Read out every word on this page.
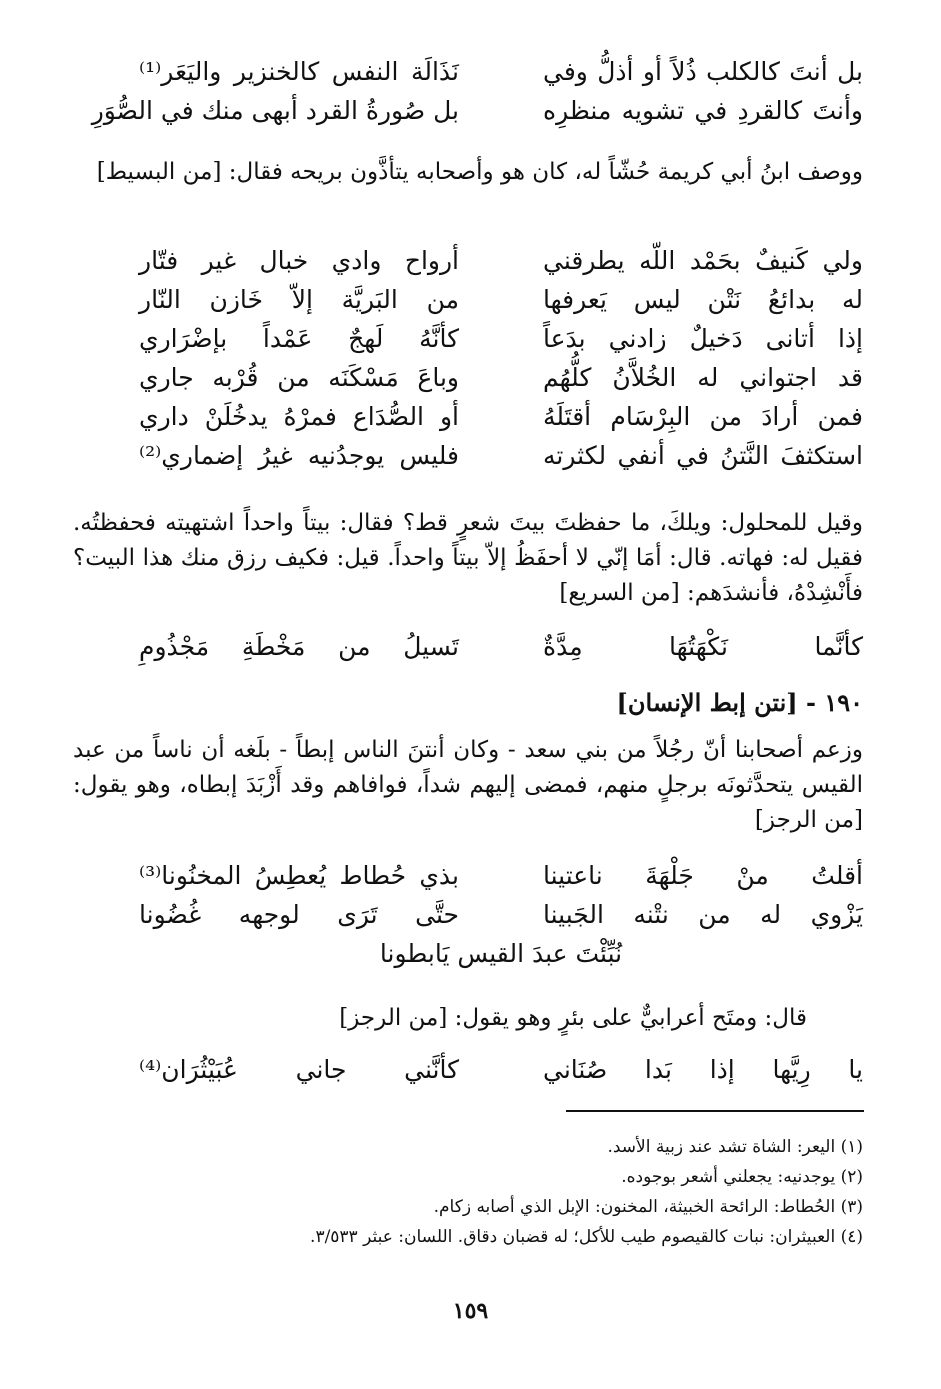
بل أنتَ كالكلب ذُلاً أو أذلُّ وفي
نَذَالَة النفس كالخنزير واليَعَر⁽¹⁾
وأنتَ كالقردِ في تشويه منظرِه
بل صُورةُ القرد أبهى منك في الصُّوَرِ
ووصف ابنُ أبي كريمة حُشّاً له، كان هو وأصحابه يتأذَّون بريحه فقال: [من البسيط]
ولي كَنيفٌ بحَمْد اللّه يطرقني
أرواح وادي خبال غير فتّار
له بدائعُ نَتْن ليس يَعرفها
من البَريَّة إلاّ خَازن النّار
إذا أتانى دَخيلٌ زادني بدَعاً
كأنَّهُ لَهجٌ عَمْداً بإضْرَاري
قد اجتواني له الخُلاَّنُ كلُّهُم
وباعَ مَسْكَنَه من قُرْبه جاري
فمن أرادَ من البِرْسَام أقتَلَهُ
أو الصُّدَاع فمرْهُ يدخُلَنْ داري
استكثفَ النَّتنُ في أنفي لكثرته
فليس يوجدُنيه غيرُ إضماري⁽²⁾
وقيل للمحلول: ويلكَ، ما حفظتَ بيتَ شعرٍ قط؟ فقال: بيتاً واحداً اشتهيته فحفظتُه. فقيل له: فهاته. قال: أمَا إنّي لا أحفَظُ إلاّ بيتاً واحداً. قيل: فكيف رزق منك هذا البيت؟ فأَنْشِدْهُ، فأنشدَهم: [من السريع]
كأنَّما نَكْهَتُهَا مِدَّةٌ
تَسيلُ من مَخْطَةِ مَجْذُومِ
١٩٠ - [نتن إبط الإنسان]
وزعم أصحابنا أنّ رجُلاً من بني سعد - وكان أنتنَ الناس إبطاً - بلَغه أن ناساً من عبد القيس يتحدَّثونَه برجلٍ منهم، فمضى إليهم شداً، فوافاهم وقد أَزْبَدَ إبطاه، وهو يقول: [من الرجز]
أقلتُ منْ جَلْهَةَ ناعتينا
بذي حُطاط يُعطِسُ المخنُونا⁽³⁾
يَزْوي له من نتْنه الجَبينا
حتَّى تَرَى لوجهه غُضُونا
نُبِّئْتَ عبدَ القيس يَابطونا
قال: ومتَح أعرابيٌّ على بئرٍ وهو يقول: [من الرجز]
يا رِيَّها إذا بَدا صُنَاني
كأنَّني جاني عُبَيْثُرَان⁽⁴⁾
(١) اليعر: الشاة تشد عند زبية الأسد.
(٢) يوجدنيه: يجعلني أشعر بوجوده.
(٣) الحُطاط: الرائحة الخبيثة، المخنون: الإبل الذي أصابه زكام.
(٤) العبيثران: نبات كالقيصوم طيب للأكل؛ له قضبان دقاق. اللسان: عبثر ٣/٥٣٣.
١٥٩
